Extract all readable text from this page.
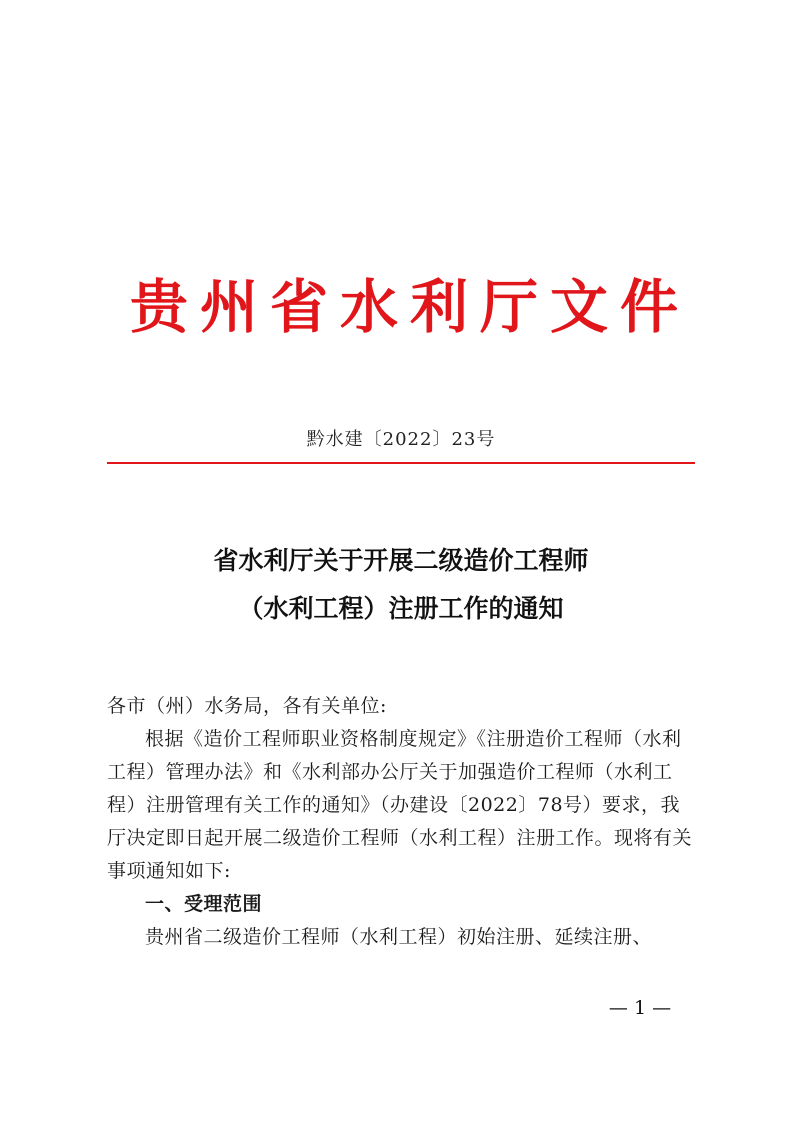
贵州省水利厅文件
黔水建〔2022〕23号
省水利厅关于开展二级造价工程师
（水利工程）注册工作的通知

各市（州）水务局，各有关单位:

根据《造价工程师职业资格制度规定》《注册造价工程师（水利工程）管理办法》和《水利部办公厅关于加强造价工程师（水利工程）注册管理有关工作的通知》（办建设〔2022〕78号）要求，我厅决定即日起开展二级造价工程师（水利工程）注册工作。现将有关事项通知如下:

一、受理范围

贵州省二级造价工程师（水利工程）初始注册、延续注册、

— 1 —
